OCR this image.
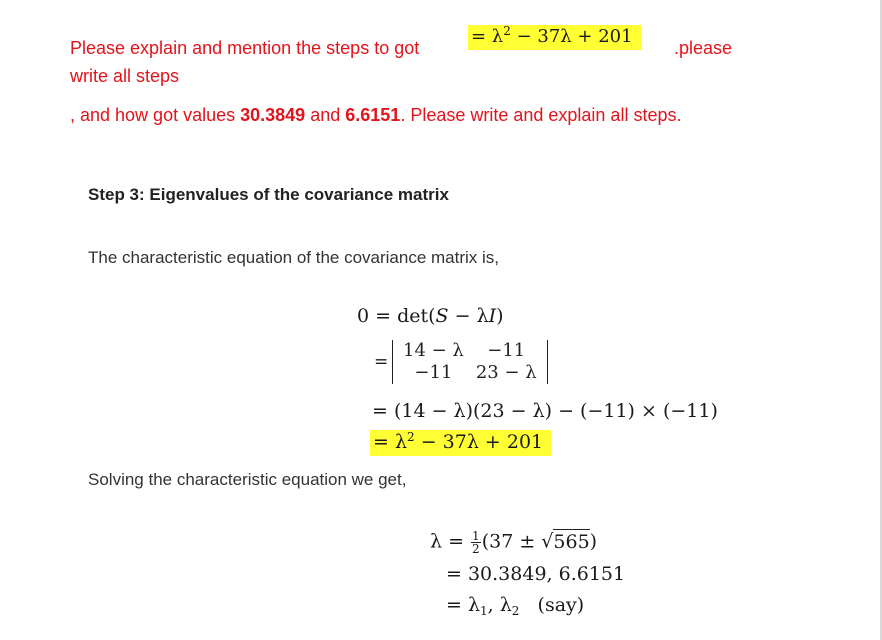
Please explain and mention the steps to got
= $\lambda^2 - 37\lambda + 201$
.please
write all steps
, and how got values 30.3849 and 6.6151. Please write and explain all steps.
Step 3: Eigenvalues of the covariance matrix
The characteristic equation of the covariance matrix is,
0 = det(S − λI)
=
14 − λ	−11
−11	23 − λ
= (14 − λ)(23 − λ) − (−11) × (−11)
= $\lambda^2 - 37\lambda + 201$
Solving the characteristic equation we get,
$\lambda = \frac{1}{2} (37 \pm √565)$
= 30.3849, 6.6151
= $\lambda_1$, $\lambda_2$   (say)
